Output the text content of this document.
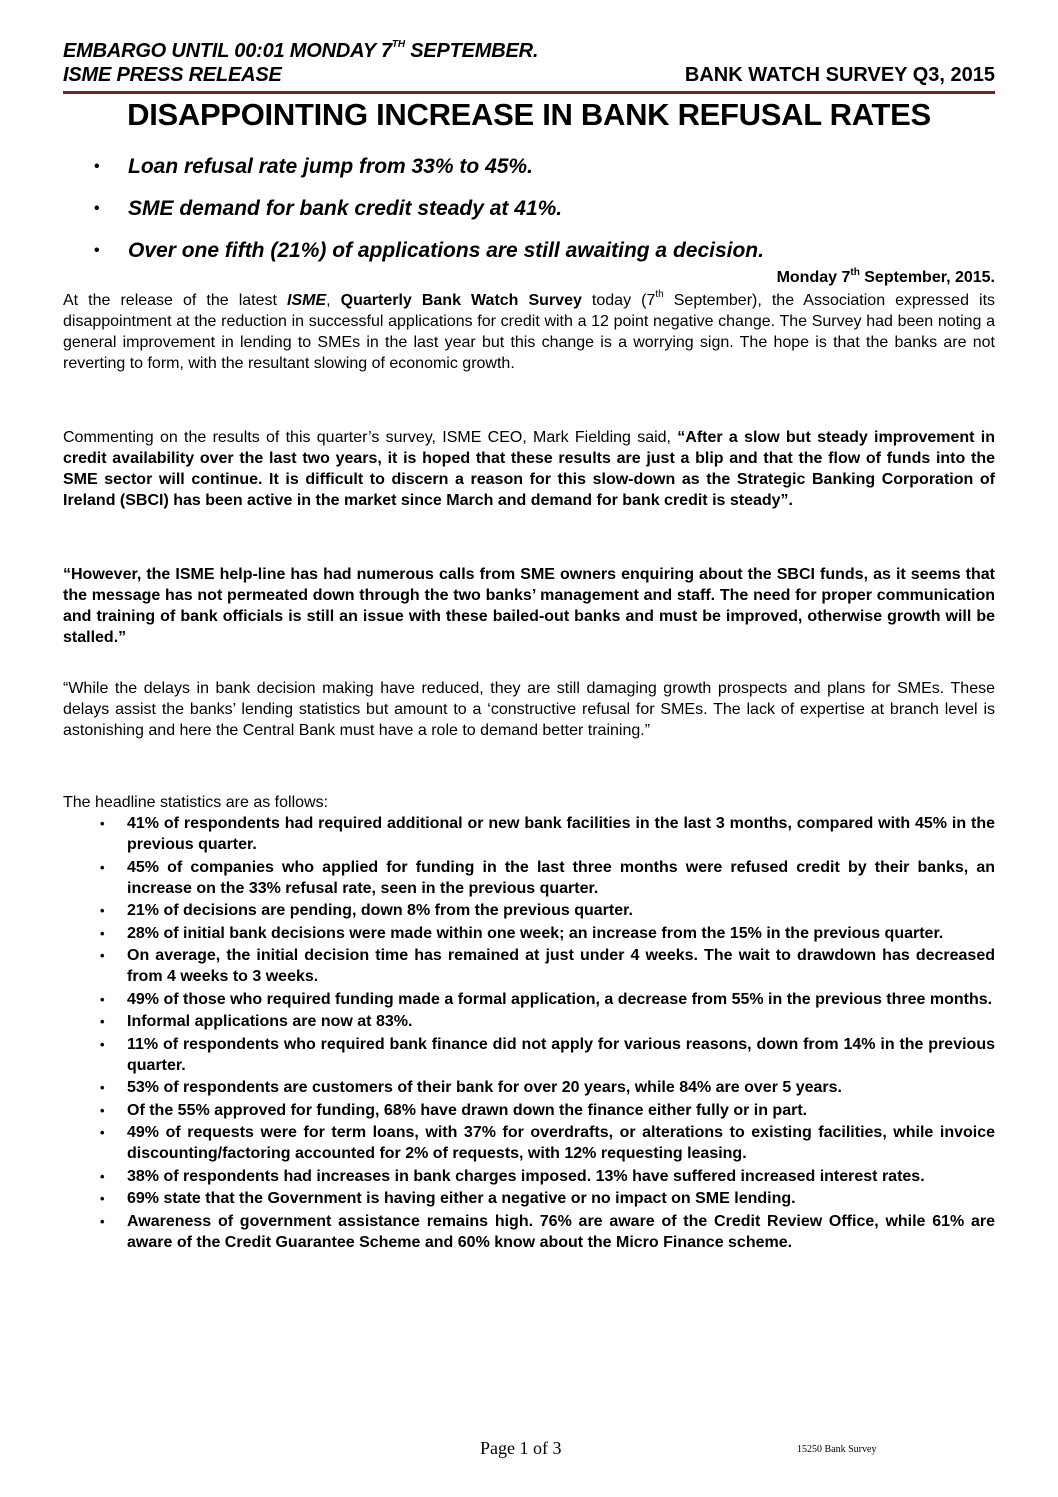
EMBARGO UNTIL 00:01 MONDAY 7TH SEPTEMBER.
ISME PRESS RELEASE	BANK WATCH SURVEY Q3, 2015
DISAPPOINTING INCREASE IN BANK REFUSAL RATES
• Loan refusal rate jump from 33% to 45%.
• SME demand for bank credit steady at 41%.
• Over one fifth (21%) of applications are still awaiting a decision.
Monday 7th September, 2015.
At the release of the latest ISME, Quarterly Bank Watch Survey today (7th September), the Association expressed its disappointment at the reduction in successful applications for credit with a 12 point negative change. The Survey had been noting a general improvement in lending to SMEs in the last year but this change is a worrying sign. The hope is that the banks are not reverting to form, with the resultant slowing of economic growth.
Commenting on the results of this quarter’s survey, ISME CEO, Mark Fielding said, “After a slow but steady improvement in credit availability over the last two years, it is hoped that these results are just a blip and that the flow of funds into the SME sector will continue. It is difficult to discern a reason for this slow-down as the Strategic Banking Corporation of Ireland (SBCI) has been active in the market since March and demand for bank credit is steady”.
“However, the ISME help-line has had numerous calls from SME owners enquiring about the SBCI funds, as it seems that the message has not permeated down through the two banks’ management and staff. The need for proper communication and training of bank officials is still an issue with these bailed-out banks and must be improved, otherwise growth will be stalled.”
“While the delays in bank decision making have reduced, they are still damaging growth prospects and plans for SMEs. These delays assist the banks’ lending statistics but amount to a ‘constructive refusal for SMEs. The lack of expertise at branch level is astonishing and here the Central Bank must have a role to demand better training.”
The headline statistics are as follows:
• 41% of respondents had required additional or new bank facilities in the last 3 months, compared with 45% in the previous quarter.
• 45% of companies who applied for funding in the last three months were refused credit by their banks, an increase on the 33% refusal rate, seen in the previous quarter.
• 21% of decisions are pending, down 8% from the previous quarter.
• 28% of initial bank decisions were made within one week; an increase from the 15% in the previous quarter.
• On average, the initial decision time has remained at just under 4 weeks. The wait to drawdown has decreased from 4 weeks to 3 weeks.
• 49% of those who required funding made a formal application, a decrease from 55% in the previous three months.
• Informal applications are now at 83%.
• 11% of respondents who required bank finance did not apply for various reasons, down from 14% in the previous quarter.
• 53% of respondents are customers of their bank for over 20 years, while 84% are over 5 years.
• Of the 55% approved for funding, 68% have drawn down the finance either fully or in part.
• 49% of requests were for term loans, with 37% for overdrafts, or alterations to existing facilities, while invoice discounting/factoring accounted for 2% of requests, with 12% requesting leasing.
• 38% of respondents had increases in bank charges imposed. 13% have suffered increased interest rates.
• 69% state that the Government is having either a negative or no impact on SME lending.
• Awareness of government assistance remains high. 76% are aware of the Credit Review Office, while 61% are aware of the Credit Guarantee Scheme and 60% know about the Micro Finance scheme.
Page 1 of 3	15250 Bank Survey
